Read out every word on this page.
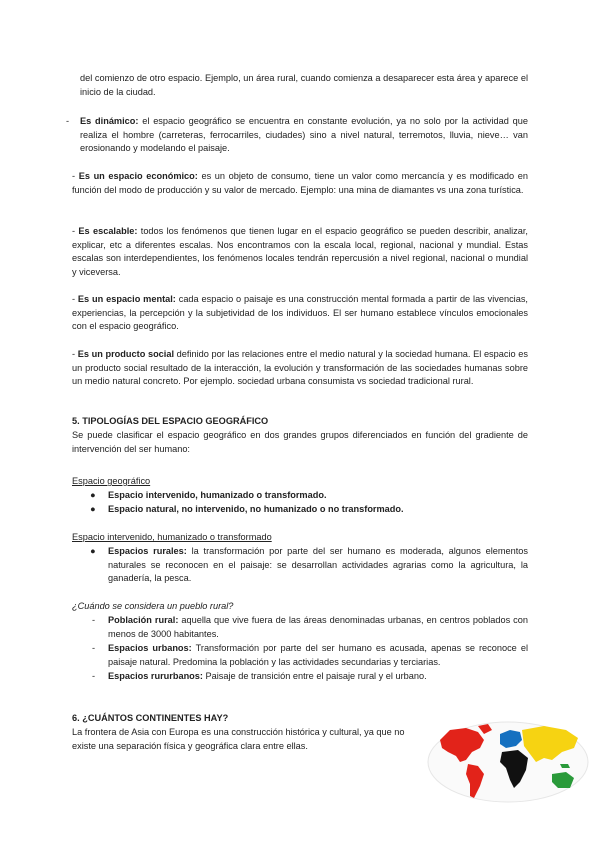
del comienzo de otro espacio. Ejemplo, un área rural, cuando comienza a desaparecer esta área y aparece el inicio de la ciudad.

- Es dinámico: el espacio geográfico se encuentra en constante evolución, ya no solo por la actividad que realiza el hombre (carreteras, ferrocarriles, ciudades) sino a nivel natural, terremotos, lluvia, nieve… van erosionando y modelando el paisaje.

- Es un espacio económico: es un objeto de consumo, tiene un valor como mercancía y es modificado en función del modo de producción y su valor de mercado. Ejemplo: una mina de diamantes vs una zona turística.

- Es escalable: todos los fenómenos que tienen lugar en el espacio geográfico se pueden describir, analizar, explicar, etc a diferentes escalas. Nos encontramos con la escala local, regional, nacional y mundial. Estas escalas son interdependientes, los fenómenos locales tendrán repercusión a nivel regional, nacional o mundial y viceversa.

- Es un espacio mental: cada espacio o paisaje es una construcción mental formada a partir de las vivencias, experiencias, la percepción y la subjetividad de los individuos. El ser humano establece vínculos emocionales con el espacio geográfico.

- Es un producto social definido por las relaciones entre el medio natural y la sociedad humana. El espacio es un producto social resultado de la interacción, la evolución y transformación de las sociedades humanas sobre un medio natural concreto. Por ejemplo. sociedad urbana consumista vs sociedad tradicional rural.

5. TIPOLOGÍAS DEL ESPACIO GEOGRÁFICO

Se puede clasificar el espacio geográfico en dos grandes grupos diferenciados en función del gradiente de intervención del ser humano:

Espacio geográfico

● Espacio intervenido, humanizado o transformado.

● Espacio natural, no intervenido, no humanizado o no transformado.

Espacio intervenido, humanizado o transformado

● Espacios rurales: la transformación por parte del ser humano es moderada, algunos elementos naturales se reconocen en el paisaje: se desarrollan actividades agrarias como la agricultura, la ganadería, la pesca.

¿Cuándo se considera un pueblo rural?

- Población rural: aquella que vive fuera de las áreas denominadas urbanas, en centros poblados con menos de 3000 habitantes.

- Espacios urbanos: Transformación por parte del ser humano es acusada, apenas se reconoce el paisaje natural. Predomina la población y las actividades secundarias y terciarias.

- Espacios rururbanos: Paisaje de transición entre el paisaje rural y el urbano.

6. ¿CUÁNTOS CONTINENTES HAY?

La frontera de Asia con Europa es una construcción histórica y cultural, ya que no existe una separación física y geográfica clara entre ellas.
